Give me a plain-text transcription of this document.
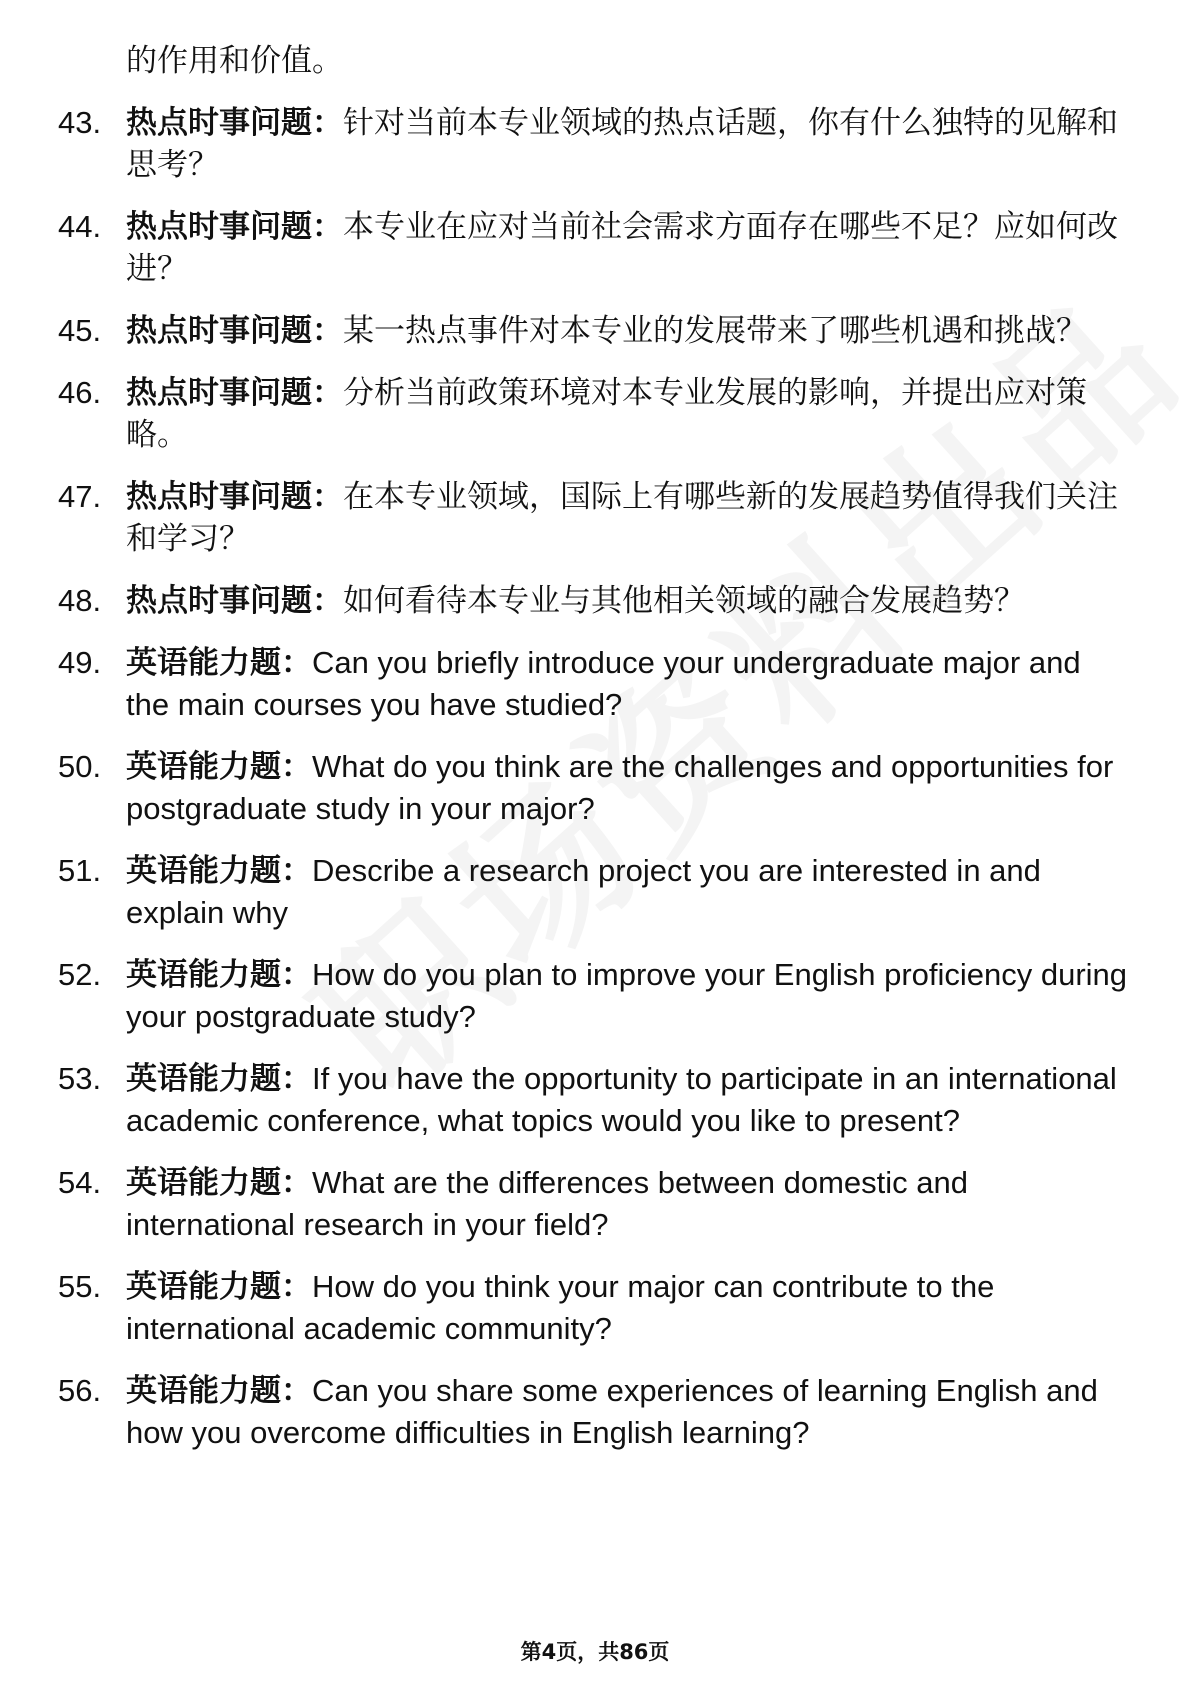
的作用和价值。
43. 热点时事问题：针对当前本专业领域的热点话题，你有什么独特的见解和思考？
44. 热点时事问题：本专业在应对当前社会需求方面存在哪些不足？应如何改进？
45. 热点时事问题：某一热点事件对本专业的发展带来了哪些机遇和挑战？
46. 热点时事问题：分析当前政策环境对本专业发展的影响，并提出应对策略。
47. 热点时事问题：在本专业领域，国际上有哪些新的发展趋势值得我们关注和学习？
48. 热点时事问题：如何看待本专业与其他相关领域的融合发展趋势？
49. 英语能力题：Can you briefly introduce your undergraduate major and the main courses you have studied?
50. 英语能力题：What do you think are the challenges and opportunities for postgraduate study in your major?
51. 英语能力题：Describe a research project you are interested in and explain why
52. 英语能力题：How do you plan to improve your English proficiency during your postgraduate study?
53. 英语能力题：If you have the opportunity to participate in an international academic conference, what topics would you like to present?
54. 英语能力题：What are the differences between domestic and international research in your field?
55. 英语能力题：How do you think your major can contribute to the international academic community?
56. 英语能力题：Can you share some experiences of learning English and how you overcome difficulties in English learning?
第4页，共86页
